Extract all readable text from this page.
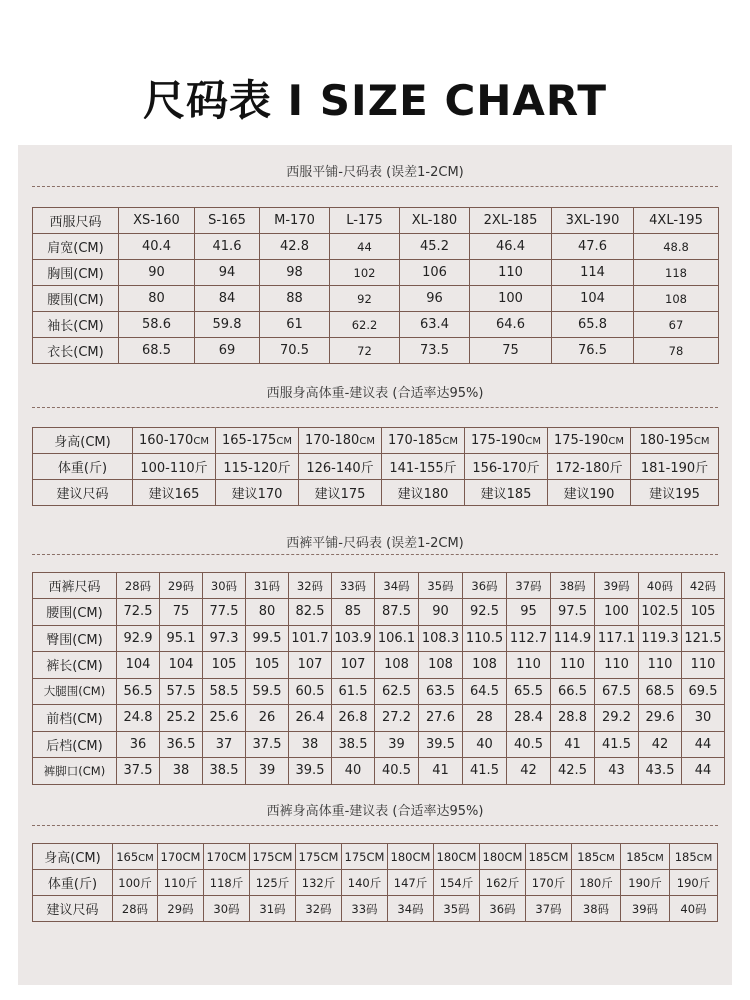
尺码表 I SIZE CHART
西服平铺-尺码表 (误差1-2CM)
西服尺码	XS-160	S-165	M-170	L-175	XL-180	2XL-185	3XL-190	4XL-195
肩宽(CM)	40.4	41.6	42.8	44	45.2	46.4	47.6	48.8
胸围(CM)	90	94	98	102	106	110	114	118
腰围(CM)	80	84	88	92	96	100	104	108
袖长(CM)	58.6	59.8	61	62.2	63.4	64.6	65.8	67
衣长(CM)	68.5	69	70.5	72	73.5	75	76.5	78
西服身高体重-建议表 (合适率达95%)
身高(CM)	160-170CM	165-175CM	170-180CM	170-185CM	175-190CM	175-190CM	180-195CM
体重(斤)	100-110斤	115-120斤	126-140斤	141-155斤	156-170斤	172-180斤	181-190斤
建议尺码	建议165	建议170	建议175	建议180	建议185	建议190	建议195
西裤平铺-尺码表 (误差1-2CM)
西裤尺码	28码	29码	30码	31码	32码	33码	34码	35码	36码	37码	38码	39码	40码	42码
腰围(CM)	72.5	75	77.5	80	82.5	85	87.5	90	92.5	95	97.5	100	102.5	105
臀围(CM)	92.9	95.1	97.3	99.5	101.7	103.9	106.1	108.3	110.5	112.7	114.9	117.1	119.3	121.5
裤长(CM)	104	104	105	105	107	107	108	108	108	110	110	110	110	110
大腿围(CM)	56.5	57.5	58.5	59.5	60.5	61.5	62.5	63.5	64.5	65.5	66.5	67.5	68.5	69.5
前档(CM)	24.8	25.2	25.6	26	26.4	26.8	27.2	27.6	28	28.4	28.8	29.2	29.6	30
后档(CM)	36	36.5	37	37.5	38	38.5	39	39.5	40	40.5	41	41.5	42	44
裤脚口(CM)	37.5	38	38.5	39	39.5	40	40.5	41	41.5	42	42.5	43	43.5	44
西裤身高体重-建议表 (合适率达95%)
身高(CM)	165CM	170CM	170CM	175CM	175CM	175CM	180CM	180CM	180CM	185CM	185CM	185CM	185CM
体重(斤)	100斤	110斤	118斤	125斤	132斤	140斤	147斤	154斤	162斤	170斤	180斤	190斤	190斤
建议尺码	28码	29码	30码	31码	32码	33码	34码	35码	36码	37码	38码	39码	40码
